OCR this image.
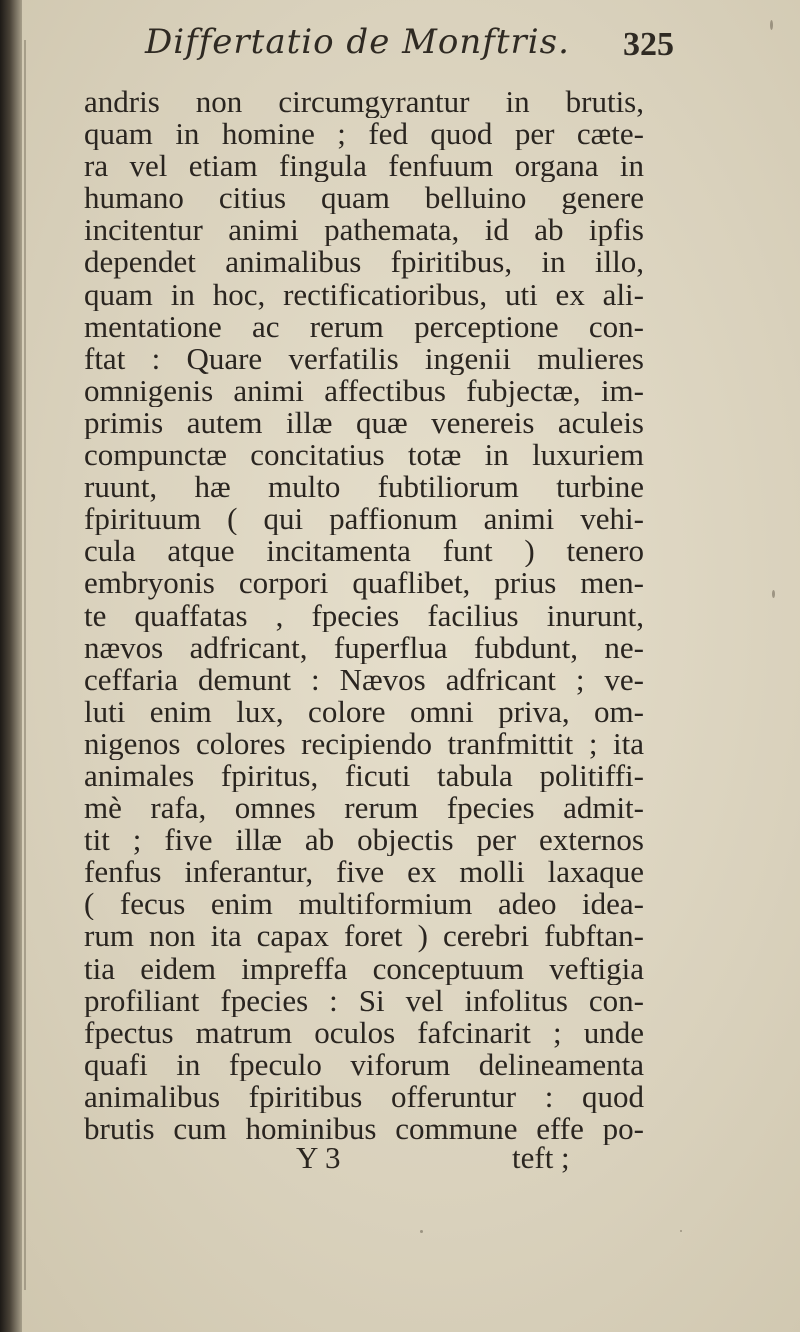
Differtatio de Monftris. 325
andris non circumgyrantur in brutis,
quam in homine ; fed quod per cæte-
ra vel etiam fingula fenfuum organa in
humano citius quam belluino genere
incitentur animi pathemata, id ab ipfis
dependet animalibus fpiritibus, in illo,
quam in hoc, rectificatioribus, uti ex ali-
mentatione ac rerum perceptione con-
ftat : Quare verfatilis ingenii mulieres
omnigenis animi affectibus fubjectæ, im-
primis autem illæ quæ venereis aculeis
compunctæ concitatius totæ in luxuriem
ruunt, hæ multo fubtiliorum turbine
fpirituum ( qui paffionum animi vehi-
cula atque incitamenta funt ) tenero
embryonis corpori quaflibet, prius men-
te quaffatas , fpecies facilius inurunt,
nævos adfricant, fuperflua fubdunt, ne-
ceffaria demunt : Nævos adfricant ; ve-
luti enim lux, colore omni priva, om-
nigenos colores recipiendo tranfmittit ; ita
animales fpiritus, ficuti tabula politiffi-
mè rafa, omnes rerum fpecies admit-
tit ; five illæ ab objectis per externos
fenfus inferantur, five ex molli laxaque
( fecus enim multiformium adeo idea-
rum non ita capax foret ) cerebri fubftan-
tia eidem impreffa conceptuum veftigia
profiliant fpecies : Si vel infolitus con-
fpectus matrum oculos fafcinarit ; unde
quafi in fpeculo viforum delineamenta
animalibus fpiritibus offeruntur : quod
brutis cum hominibus commune effe po-
Y 3	teft ;
